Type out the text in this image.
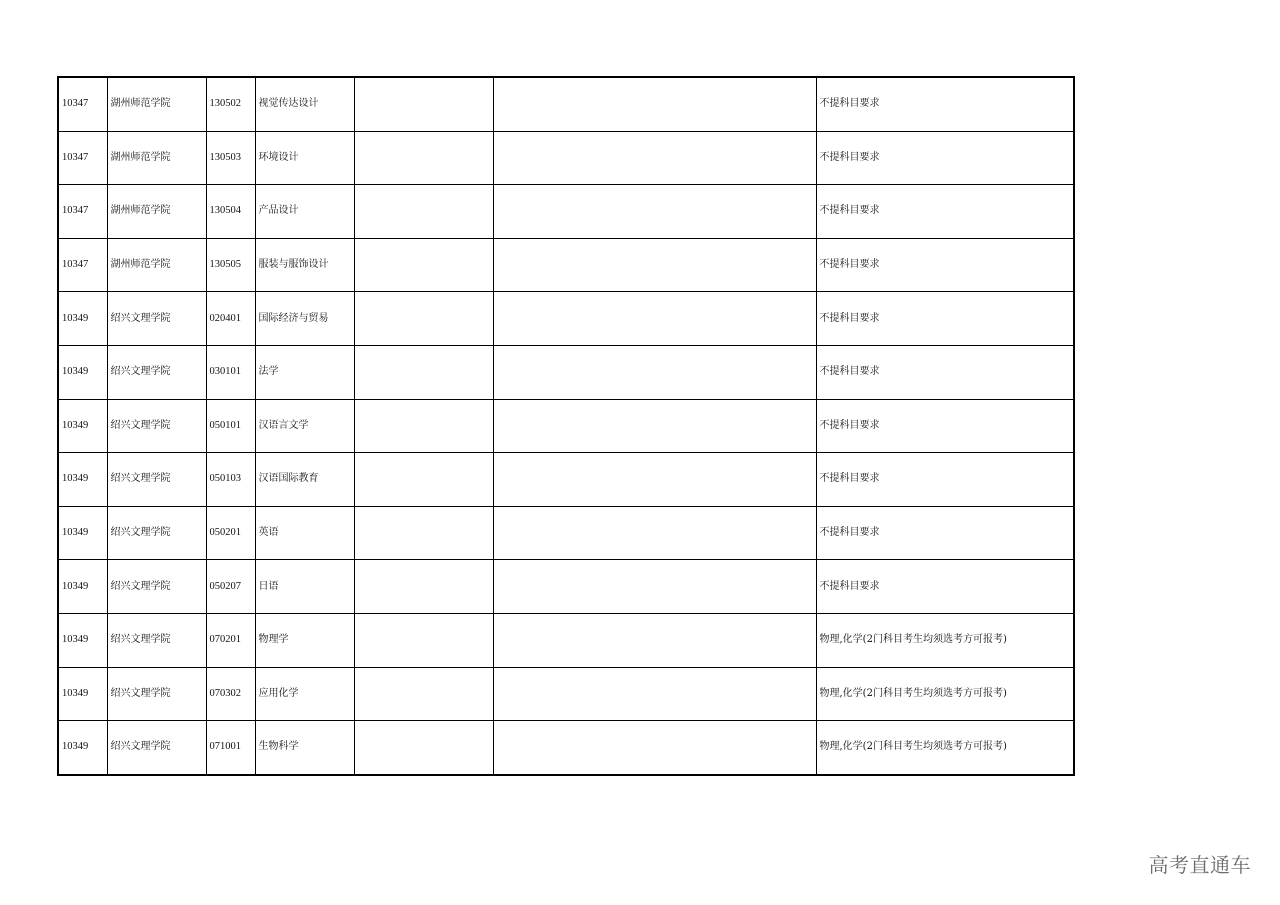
10347	湖州师范学院	130502	视觉传达设计			不提科目要求
10347	湖州师范学院	130503	环境设计			不提科目要求
10347	湖州师范学院	130504	产品设计			不提科目要求
10347	湖州师范学院	130505	服装与服饰设计			不提科目要求
10349	绍兴文理学院	020401	国际经济与贸易			不提科目要求
10349	绍兴文理学院	030101	法学			不提科目要求
10349	绍兴文理学院	050101	汉语言文学			不提科目要求
10349	绍兴文理学院	050103	汉语国际教育			不提科目要求
10349	绍兴文理学院	050201	英语			不提科目要求
10349	绍兴文理学院	050207	日语			不提科目要求
10349	绍兴文理学院	070201	物理学			物理,化学(2门科目考生均须选考方可报考)
10349	绍兴文理学院	070302	应用化学			物理,化学(2门科目考生均须选考方可报考)
10349	绍兴文理学院	071001	生物科学			物理,化学(2门科目考生均须选考方可报考)
高考直通车
